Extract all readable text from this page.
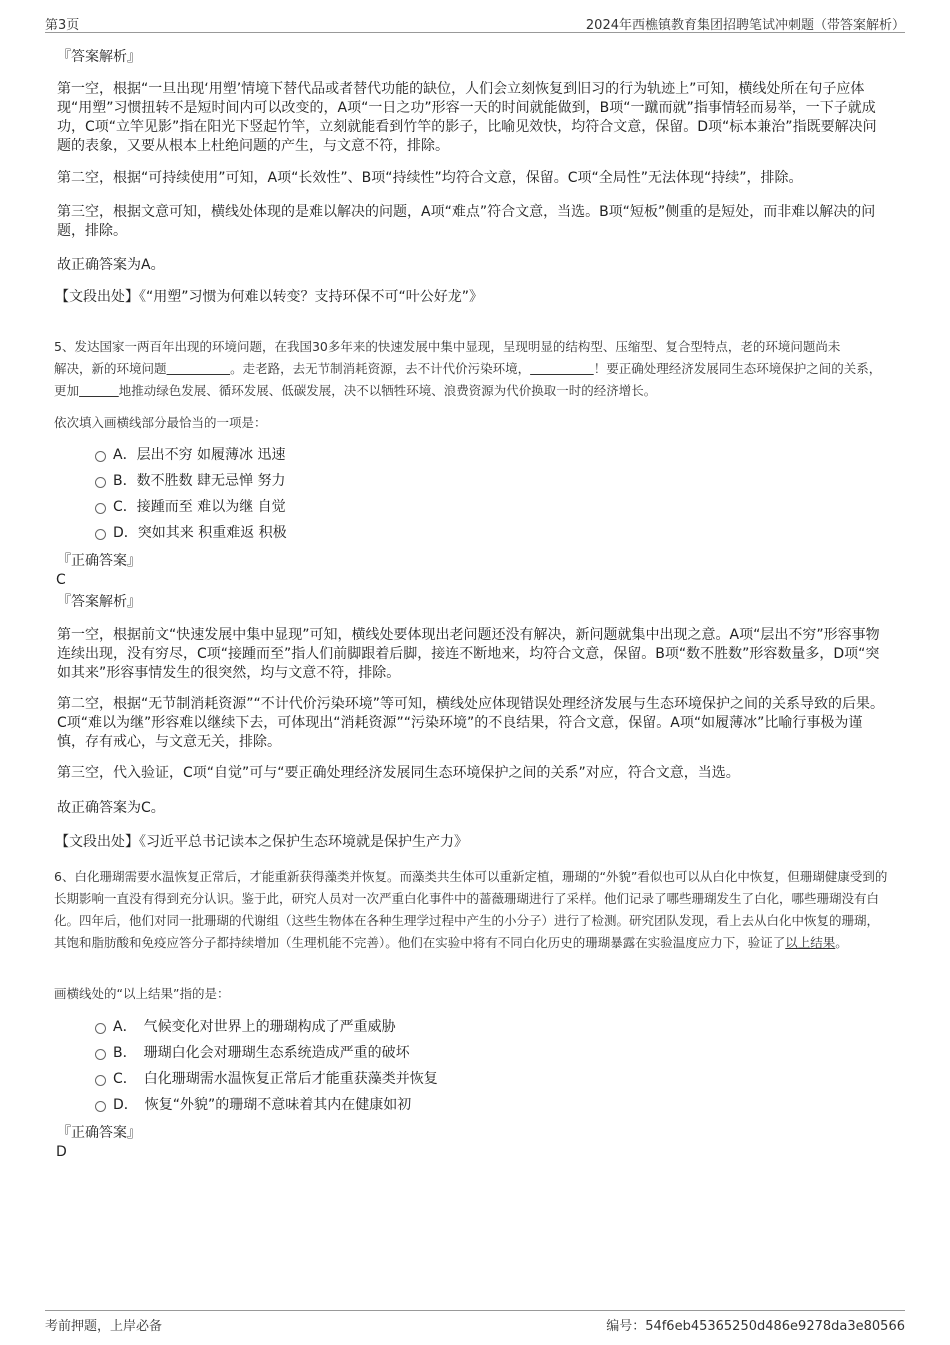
第3页	2024年西樵镇教育集团招聘笔试冲刺题（带答案解析）
『答案解析』
第一空，根据“一旦出现‘用塑’情境下替代品或者替代功能的缺位，人们会立刻恢复到旧习的行为轨迹上”可知，横线处所在句子应体现“用塑”习惯扭转不是短时间内可以改变的，A项“一日之功”形容一天的时间就能做到，B项“一蹴而就”指事情轻而易举，一下子就成功，C项“立竿见影”指在阳光下竖起竹竿，立刻就能看到竹竿的影子，比喻见效快，均符合文意，保留。D项“标本兼治”指既要解决问题的表象，又要从根本上杜绝问题的产生，与文意不符，排除。
第二空，根据“可持续使用”可知，A项“长效性”、B项“持续性”均符合文意，保留。C项“全局性”无法体现“持续”，排除。
第三空，根据文意可知，横线处体现的是难以解决的问题，A项“难点”符合文意，当选。B项“短板”侧重的是短处，而非难以解决的问题，排除。
故正确答案为A。
【文段出处】《“用塑”习惯为何难以转变？支持环保不可“叶公好龙”》
5、发达国家一两百年出现的环境问题，在我国30多年来的快速发展中集中显现，呈现明显的结构型、压缩型、复合型特点，老的环境问题尚未
解决，新的环境问题	。走老路，去无节制消耗资源，去不计代价污染环境，	！要正确处理经济发展同生态环境保护之间的关系，
更加	地推动绿色发展、循环发展、低碳发展，决不以牺牲环境、浪费资源为代价换取一时的经济增长。
依次填入画横线部分最恰当的一项是：
A．层出不穷 如履薄冰 迅速
B．数不胜数 肆无忌惮 努力
C．接踵而至 难以为继 自觉
D．突如其来 积重难返 积极
『正确答案』
C
『答案解析』
第一空，根据前文“快速发展中集中显现”可知，横线处要体现出老问题还没有解决，新问题就集中出现之意。A项“层出不穷”形容事物连续出现，没有穷尽，C项“接踵而至”指人们前脚跟着后脚，接连不断地来，均符合文意，保留。B项“数不胜数”形容数量多，D项“突如其来”形容事情发生的很突然，均与文意不符，排除。
第二空，根据“无节制消耗资源”“不计代价污染环境”等可知，横线处应体现错误处理经济发展与生态环境保护之间的关系导致的后果。C项“难以为继”形容难以继续下去，可体现出“消耗资源”“污染环境”的不良结果，符合文意，保留。A项“如履薄冰”比喻行事极为谨慎，存有戒心，与文意无关，排除。
第三空，代入验证，C项“自觉”可与“要正确处理经济发展同生态环境保护之间的关系”对应，符合文意，当选。
故正确答案为C。
【文段出处】《习近平总书记读本之保护生态环境就是保护生产力》
6、白化珊瑚需要水温恢复正常后，才能重新获得藻类并恢复。而藻类共生体可以重新定植，珊瑚的“外貌”看似也可以从白化中恢复，但珊瑚健康受到的长期影响一直没有得到充分认识。鉴于此，研究人员对一次严重白化事件中的蔷薇珊瑚进行了采样。他们记录了哪些珊瑚发生了白化，哪些珊瑚没有白化。四年后，他们对同一批珊瑚的代谢组（这些生物体在各种生理学过程中产生的小分子）进行了检测。研究团队发现，看上去从白化中恢复的珊瑚，其饱和脂肪酸和免疫应答分子都持续增加（生理机能不完善）。他们在实验中将有不同白化历史的珊瑚暴露在实验温度应力下，验证了以上结果。
画横线处的“以上结果”指的是：
A．　气候变化对世界上的珊瑚构成了严重威胁
B．　珊瑚白化会对珊瑚生态系统造成严重的破坏
C．　白化珊瑚需水温恢复正常后才能重获藻类并恢复
D．　恢复“外貌”的珊瑚不意味着其内在健康如初
『正确答案』
D
考前押题，上岸必备	编号：54f6eb45365250d486e9278da3e80566
